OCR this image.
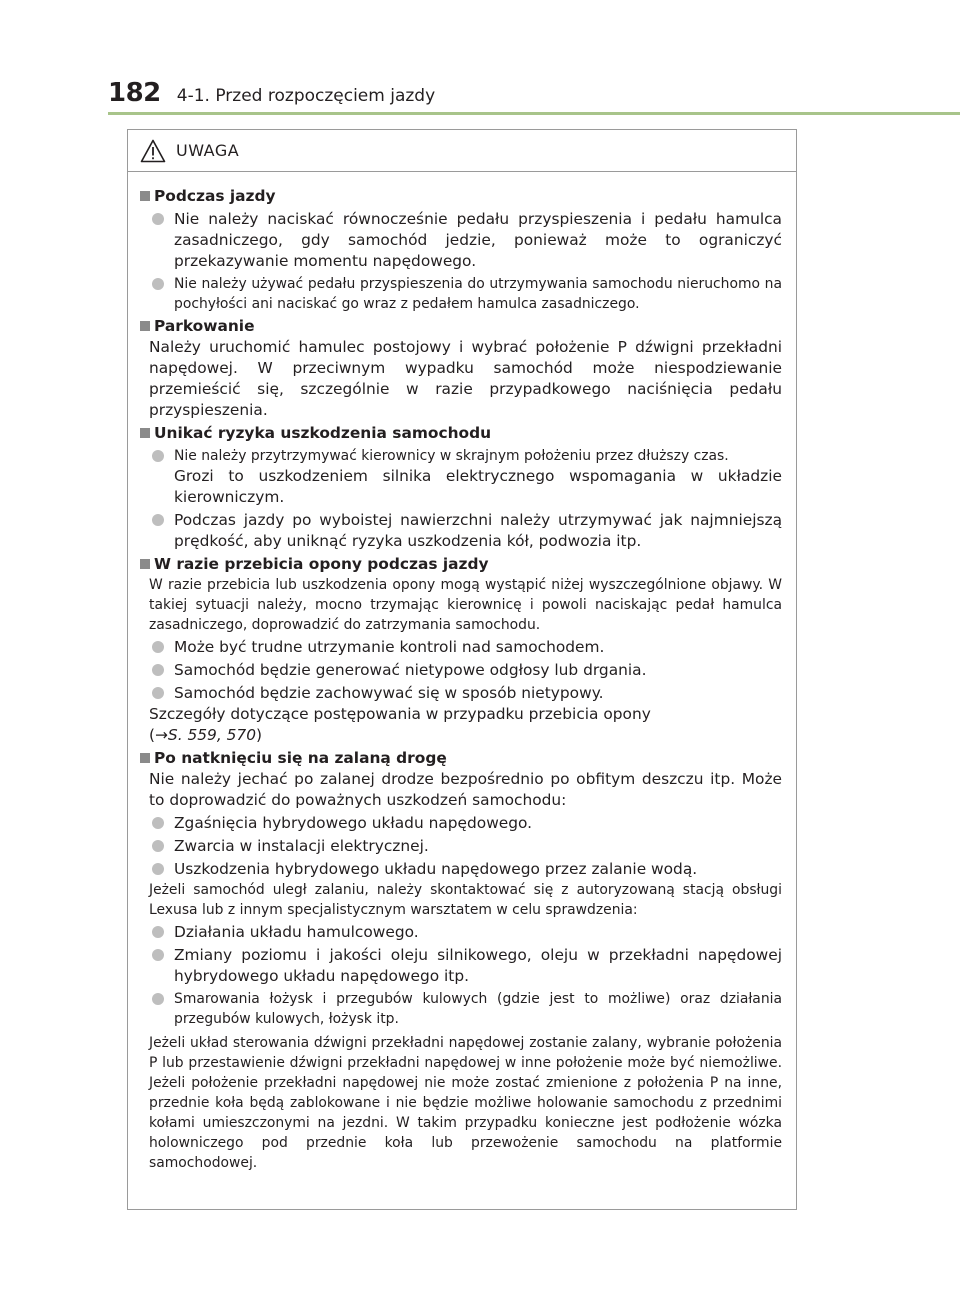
182 4-1. Przed rozpoczęciem jazdy
UWAGA
Podczas jazdy
Nie należy naciskać równocześnie pedału przyspieszenia i pedału hamulca zasadniczego, gdy samochód jedzie, ponieważ może to ograniczyć przekazywanie momentu napędowego.
Nie należy używać pedału przyspieszenia do utrzymywania samochodu nieruchomo na pochyłości ani naciskać go wraz z pedałem hamulca zasadniczego.
Parkowanie
Należy uruchomić hamulec postojowy i wybrać położenie P dźwigni przekładni napędowej. W przeciwnym wypadku samochód może niespodziewanie przemieścić się, szczególnie w razie przypadkowego naciśnięcia pedału przyspieszenia.
Unikać ryzyka uszkodzenia samochodu
Nie należy przytrzymywać kierownicy w skrajnym położeniu przez dłuższy czas.
Grozi to uszkodzeniem silnika elektrycznego wspomagania w układzie kierowniczym.
Podczas jazdy po wyboistej nawierzchni należy utrzymywać jak najmniejszą prędkość, aby uniknąć ryzyka uszkodzenia kół, podwozia itp.
W razie przebicia opony podczas jazdy
W razie przebicia lub uszkodzenia opony mogą wystąpić niżej wyszczególnione objawy. W takiej sytuacji należy, mocno trzymając kierownicę i powoli naciskając pedał hamulca zasadniczego, doprowadzić do zatrzymania samochodu.
Może być trudne utrzymanie kontroli nad samochodem.
Samochód będzie generować nietypowe odgłosy lub drgania.
Samochód będzie zachowywać się w sposób nietypowy.
Szczegóły dotyczące postępowania w przypadku przebicia opony
(→S. 559, 570)
Po natknięciu się na zalaną drogę
Nie należy jechać po zalanej drodze bezpośrednio po obfitym deszczu itp. Może to doprowadzić do poważnych uszkodzeń samochodu:
Zgaśnięcia hybrydowego układu napędowego.
Zwarcia w instalacji elektrycznej.
Uszkodzenia hybrydowego układu napędowego przez zalanie wodą.
Jeżeli samochód uległ zalaniu, należy skontaktować się z autoryzowaną stacją obsługi Lexusa lub z innym specjalistycznym warsztatem w celu sprawdzenia:
Działania układu hamulcowego.
Zmiany poziomu i jakości oleju silnikowego, oleju w przekładni napędowej hybrydowego układu napędowego itp.
Smarowania łożysk i przegubów kulowych (gdzie jest to możliwe) oraz działania przegubów kulowych, łożysk itp.
Jeżeli układ sterowania dźwigni przekładni napędowej zostanie zalany, wybranie położenia P lub przestawienie dźwigni przekładni napędowej w inne położenie może być niemożliwe. Jeżeli położenie przekładni napędowej nie może zostać zmienione z położenia P na inne, przednie koła będą zablokowane i nie będzie możliwe holowanie samochodu z przednimi kołami umieszczonymi na jezdni. W takim przypadku konieczne jest podłożenie wózka holowniczego pod przednie koła lub przewożenie samochodu na platformie samochodowej.
